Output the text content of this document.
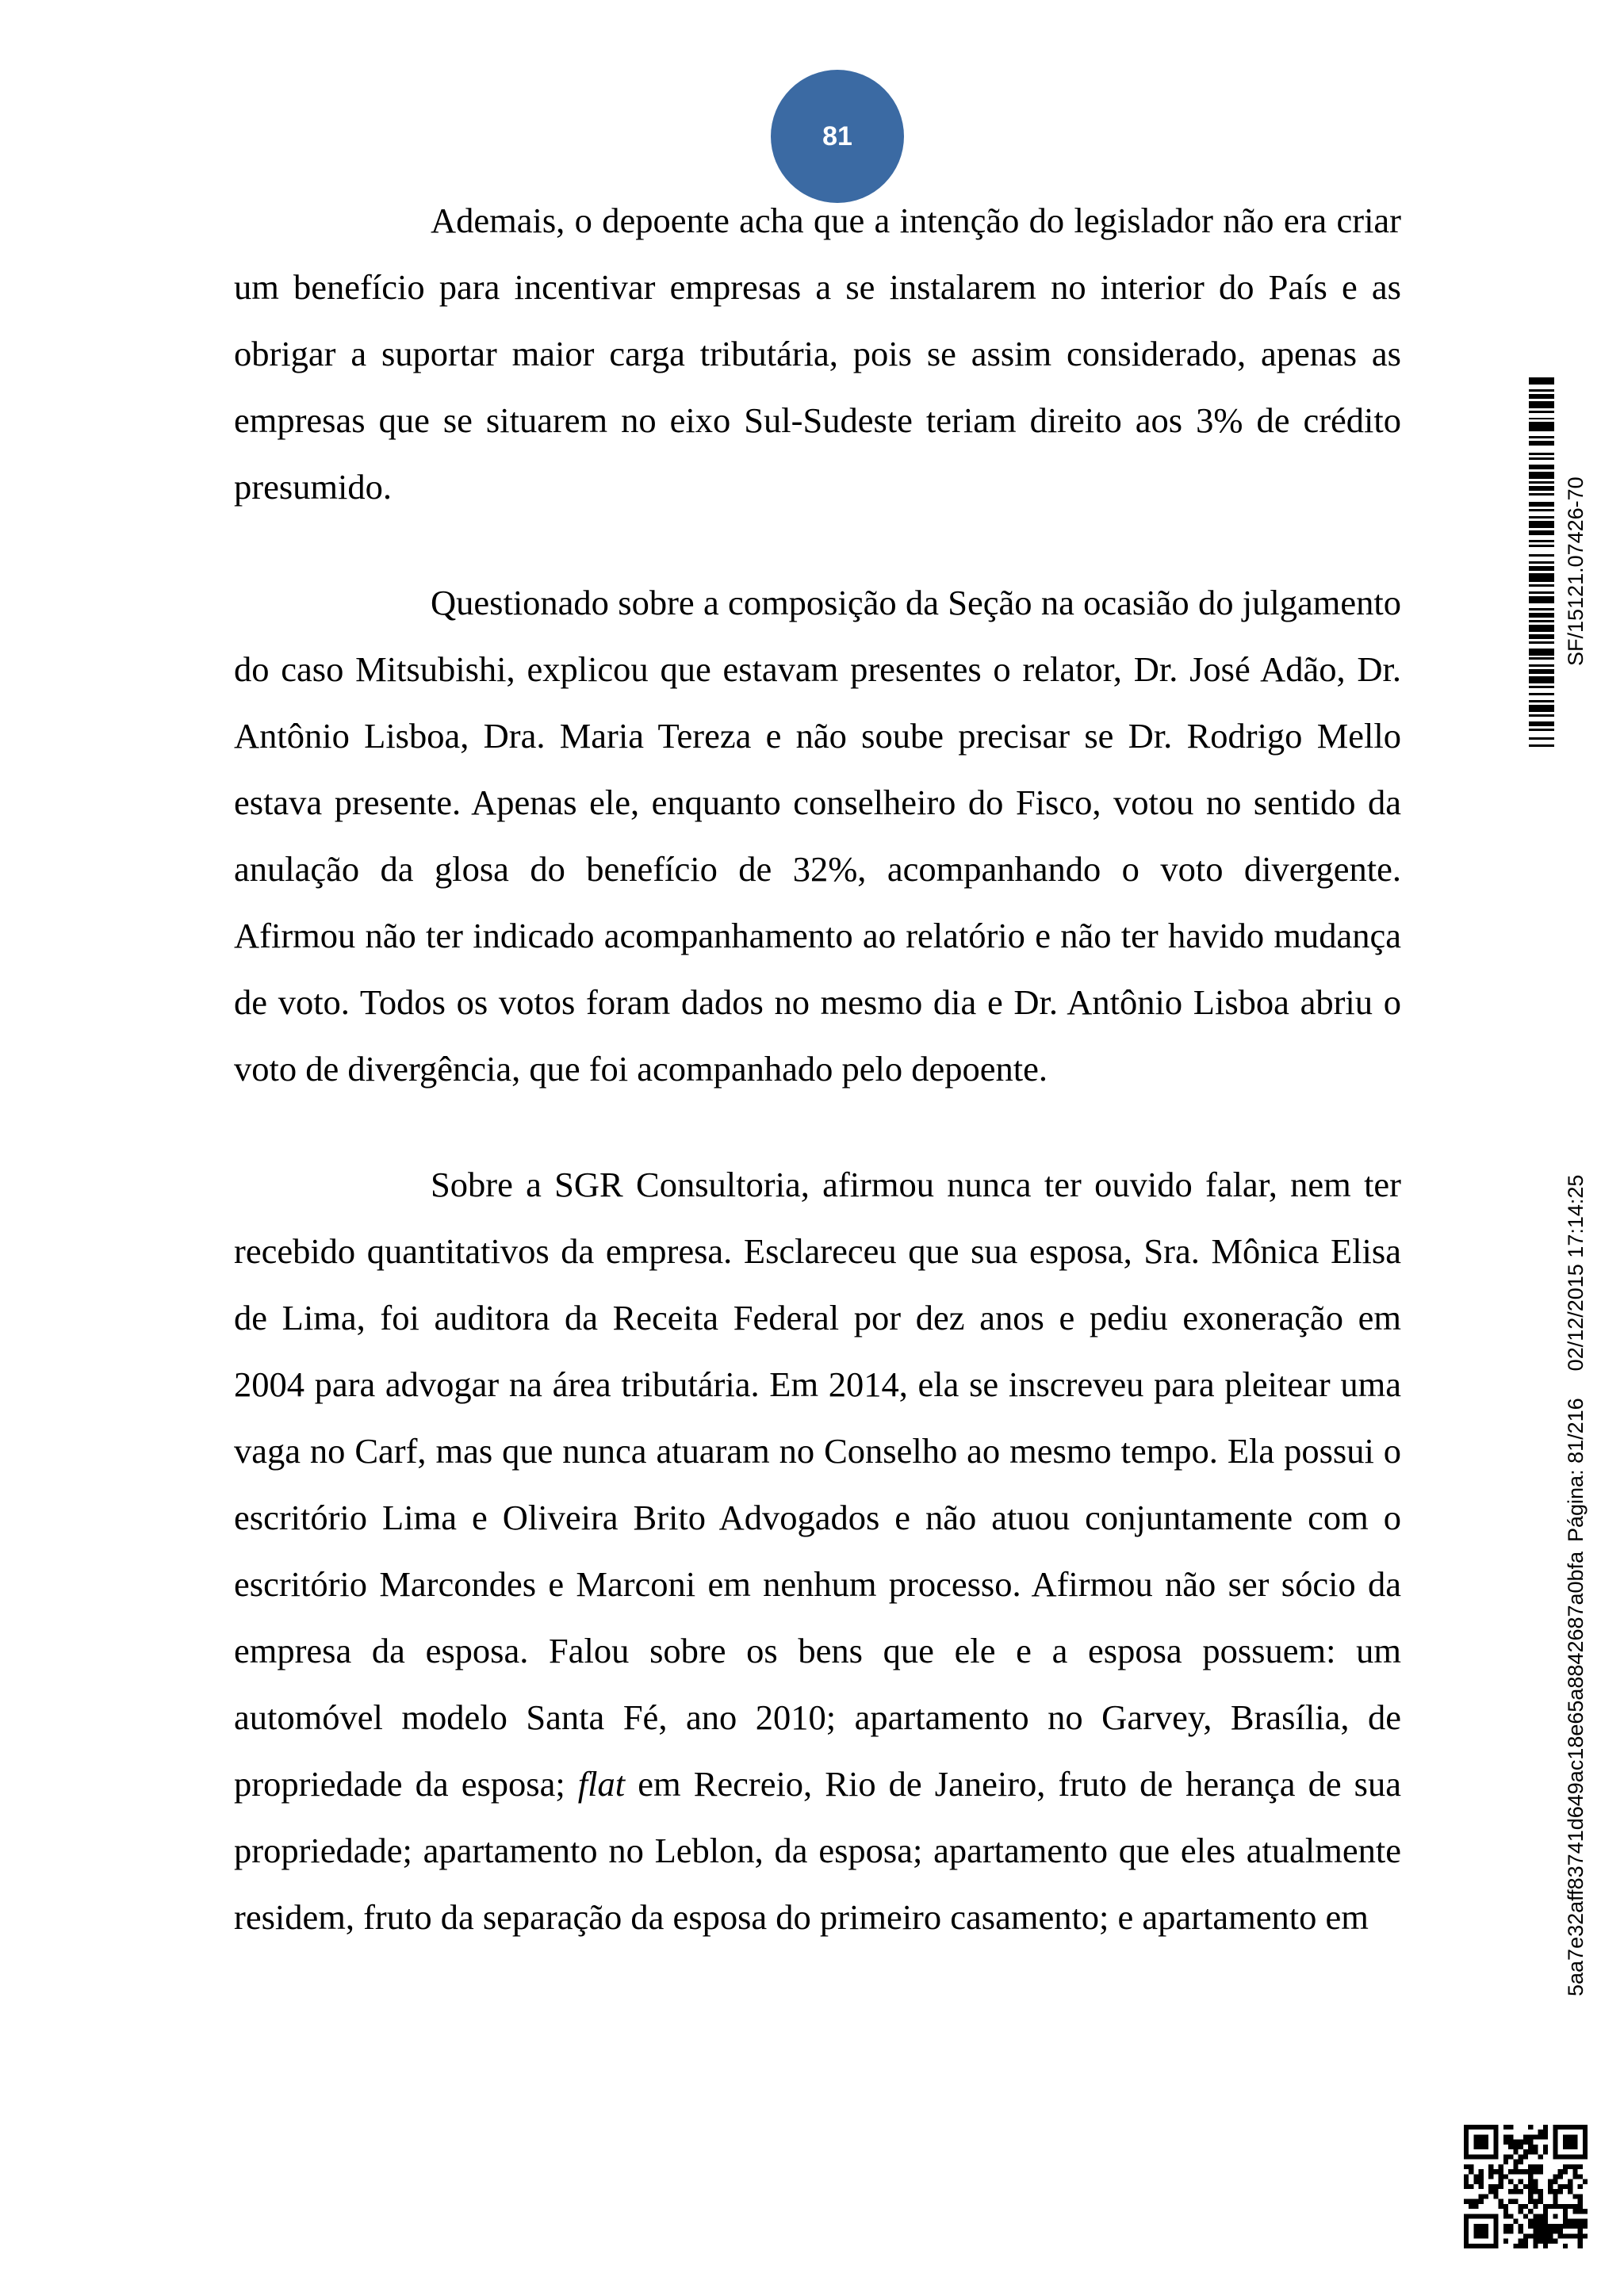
81

Ademais, o depoente acha que a intenção do legislador não era criar um benefício para incentivar empresas a se instalarem no interior do País e as obrigar a suportar maior carga tributária, pois se assim considerado, apenas as empresas que se situarem no eixo Sul-Sudeste teriam direito aos 3% de crédito presumido.

Questionado sobre a composição da Seção na ocasião do julgamento do caso Mitsubishi, explicou que estavam presentes o relator, Dr. José Adão, Dr. Antônio Lisboa, Dra. Maria Tereza e não soube precisar se Dr. Rodrigo Mello estava presente. Apenas ele, enquanto conselheiro do Fisco, votou no sentido da anulação da glosa do benefício de 32%, acompanhando o voto divergente. Afirmou não ter indicado acompanhamento ao relatório e não ter havido mudança de voto. Todos os votos foram dados no mesmo dia e Dr. Antônio Lisboa abriu o voto de divergência, que foi acompanhado pelo depoente.

Sobre a SGR Consultoria, afirmou nunca ter ouvido falar, nem ter recebido quantitativos da empresa. Esclareceu que sua esposa, Sra. Mônica Elisa de Lima, foi auditora da Receita Federal por dez anos e pediu exoneração em 2004 para advogar na área tributária. Em 2014, ela se inscreveu para pleitear uma vaga no Carf, mas que nunca atuaram no Conselho ao mesmo tempo. Ela possui o escritório Lima e Oliveira Brito Advogados e não atuou conjuntamente com o escritório Marcondes e Marconi em nenhum processo. Afirmou não ser sócio da empresa da esposa. Falou sobre os bens que ele e a esposa possuem: um automóvel modelo Santa Fé, ano 2010; apartamento no Garvey, Brasília, de propriedade da esposa; flat em Recreio, Rio de Janeiro, fruto de herança de sua propriedade; apartamento no Leblon, da esposa; apartamento que eles atualmente residem, fruto da separação da esposa do primeiro casamento; e apartamento em

SF/15121.07426-70
Página: 81/21602/12/2015 17:14:25
5aa7e32aff83741d649ac18e65a8842687a0bfa
